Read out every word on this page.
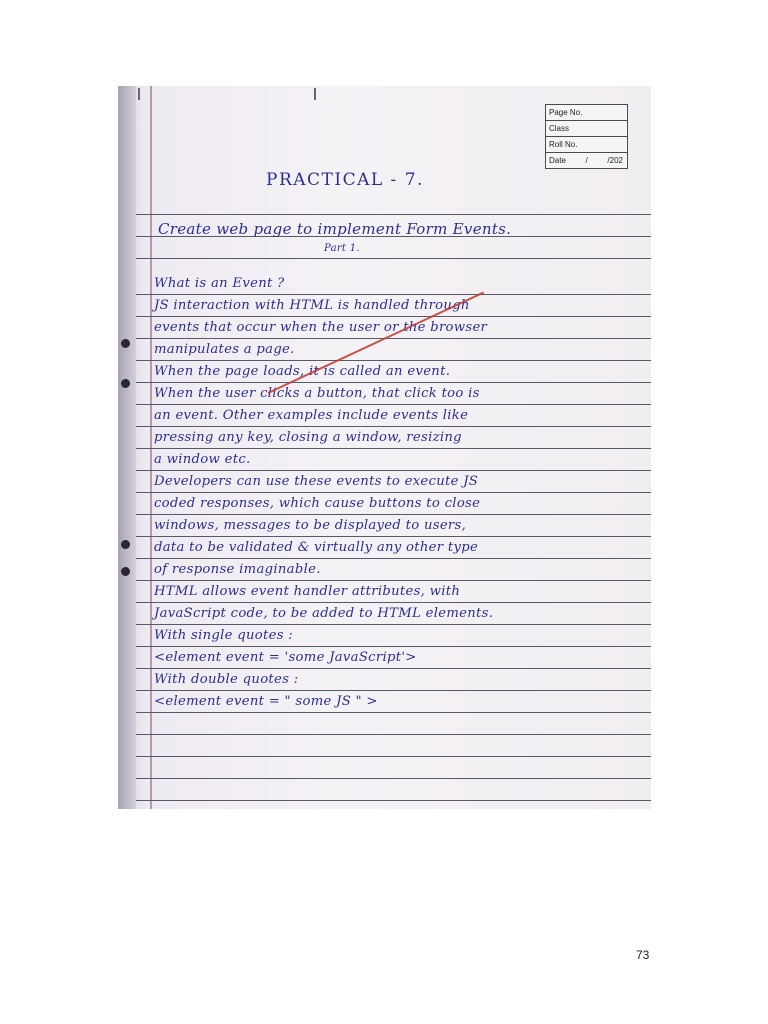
Page No.
Class
Roll No.
Date / /202
PRACTICAL - 7.
Create web page to implement Form Events.
Part 1.
What is an Event ?
JS interaction with HTML is handled through
events that occur when the user or the browser
manipulates a page.
When the page loads, it is called an event.
When the user clicks a button, that click too is
an event. Other examples include events like
pressing any key, closing a window, resizing
a window etc.
Developers can use these events to execute JS
coded responses, which cause buttons to close
windows, messages to be displayed to users,
data to be validated & virtually any other type
of response imaginable.
HTML allows event handler attributes, with
JavaScript code, to be added to HTML elements.
With single quotes :
<element event = 'some JavaScript'>
With double quotes :
<element event = " some JS " >
73
